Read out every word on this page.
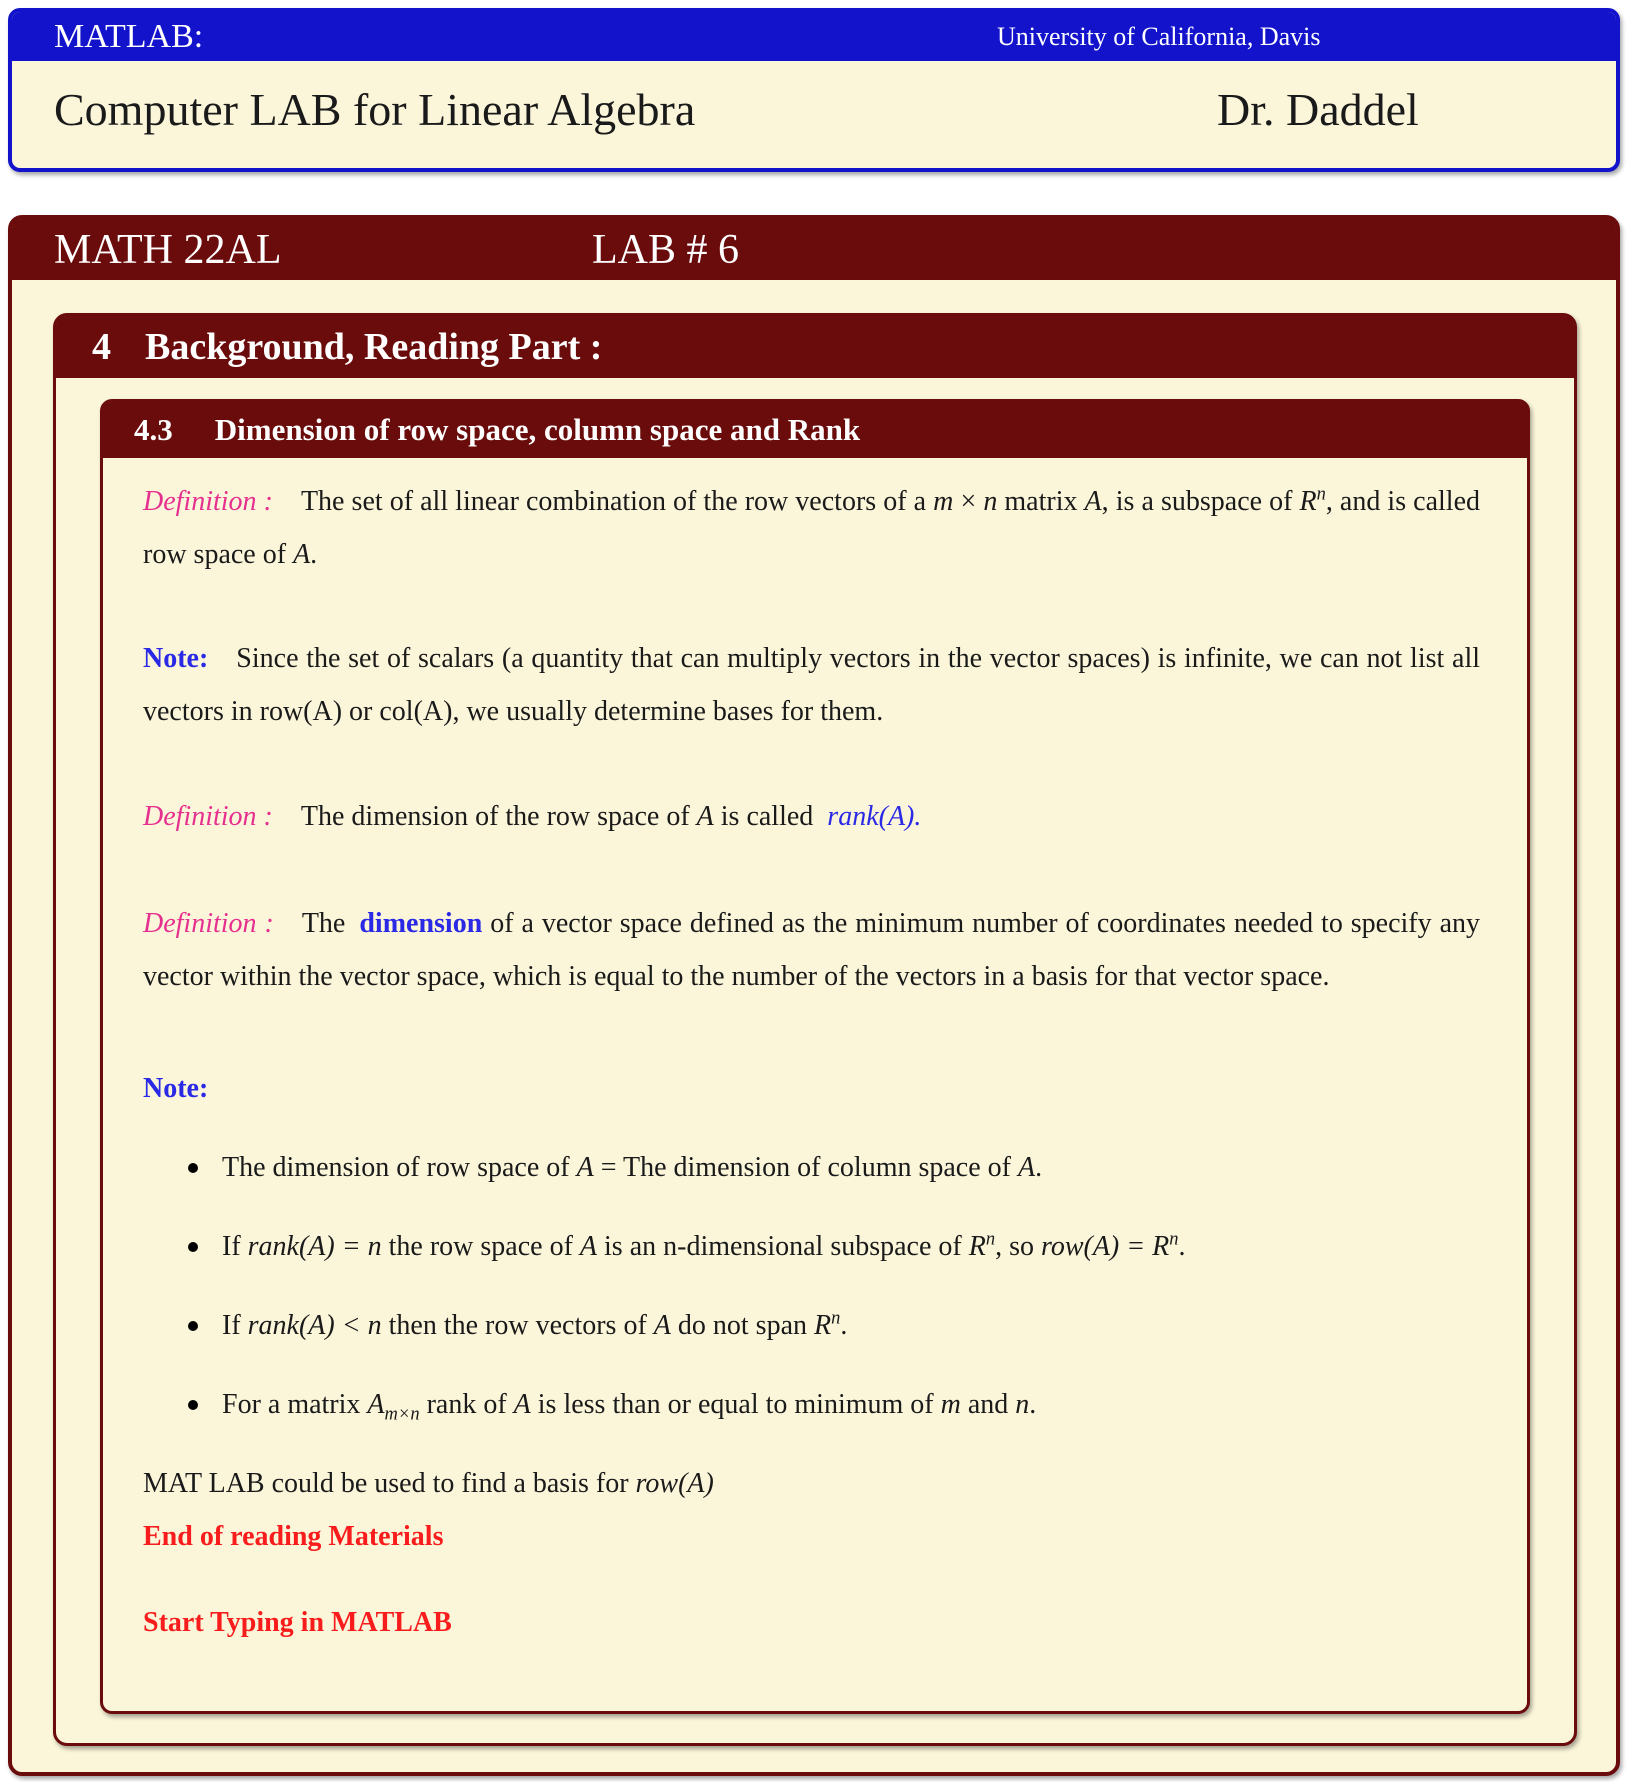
MATLAB:	University of California, Davis
Computer LAB for Linear Algebra	Dr. Daddel
MATH 22AL	LAB # 6
4 Background, Reading Part :
4.3 Dimension of row space, column space and Rank
Definition :  The set of all linear combination of the row vectors of a m × n matrix A, is a subspace of $R^n$, and is called row space of A.
Note:  Since the set of scalars (a quantity that can multiply vectors in the vector spaces) is infinite, we can not list all vectors in row(A) or col(A), we usually determine bases for them.
Definition :  The dimension of the row space of A is called rank(A).
Definition :  The dimension of a vector space defined as the minimum number of coordinates needed to specify any vector within the vector space, which is equal to the number of the vectors in a basis for that vector space.
Note:
The dimension of row space of A = The dimension of column space of A.
If rank(A) = n the row space of A is an n-dimensional subspace of $R^n$, so $row(A) = R^n$.
If rank(A) < n then the row vectors of A do not span $R^n$.
For a matrix $A_{m\times n}$ rank of A is less than or equal to minimum of m and n.
MAT LAB could be used to find a basis for row(A)
End of reading Materials
Start Typing in MATLAB
